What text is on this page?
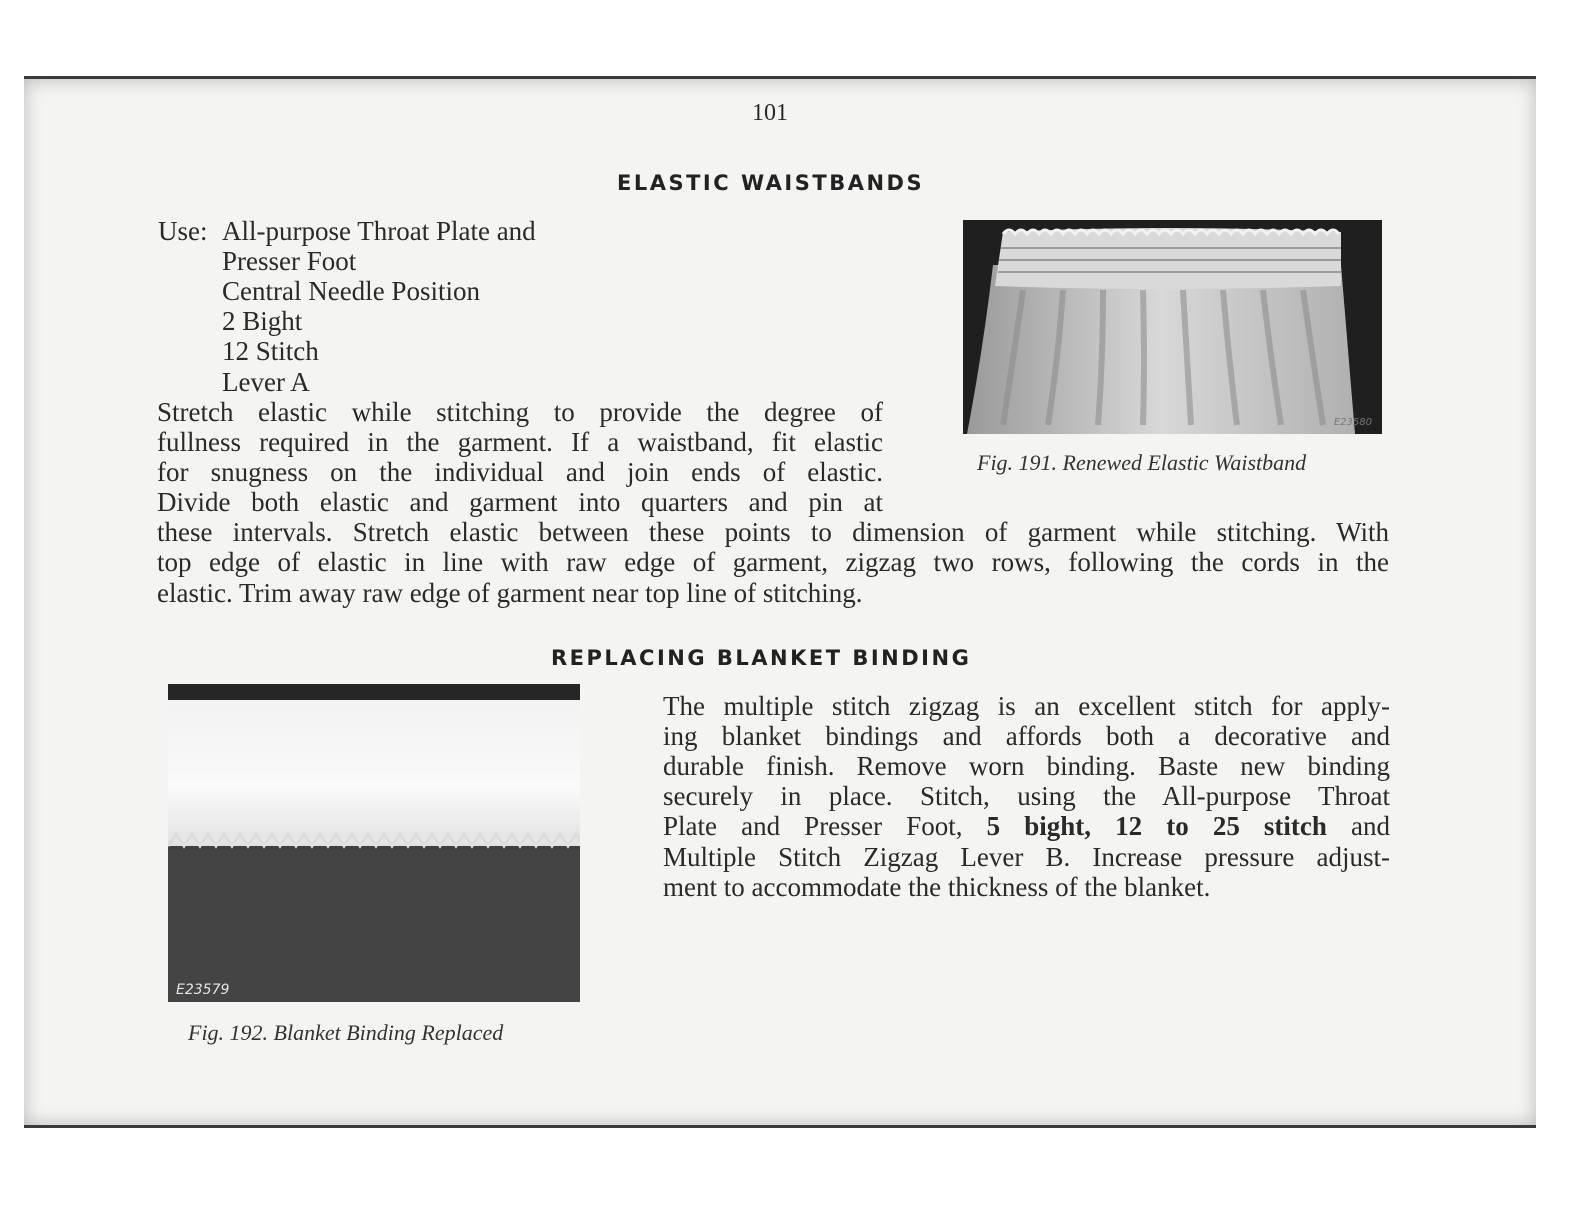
101
ELASTIC WAISTBANDS
Use: All-purpose Throat Plate and
Presser Foot
Central Needle Position
2 Bight
12 Stitch
Lever A
Stretch elastic while stitching to provide the degree of
fullness required in the garment. If a waistband, fit elastic
for snugness on the individual and join ends of elastic.
Divide both elastic and garment into quarters and pin at
these intervals. Stretch elastic between these points to dimension of garment while stitching. With
top edge of elastic in line with raw edge of garment, zigzag two rows, following the cords in the
elastic. Trim away raw edge of garment near top line of stitching.
E23580
Fig. 191. Renewed Elastic Waistband
REPLACING BLANKET BINDING
E23579
Fig. 192. Blanket Binding Replaced
The multiple stitch zigzag is an excellent stitch for apply-
ing blanket bindings and affords both a decorative and
durable finish. Remove worn binding. Baste new binding
securely in place. Stitch, using the All-purpose Throat
Plate and Presser Foot, 5 bight, 12 to 25 stitch and
Multiple Stitch Zigzag Lever B. Increase pressure adjust-
ment to accommodate the thickness of the blanket.
